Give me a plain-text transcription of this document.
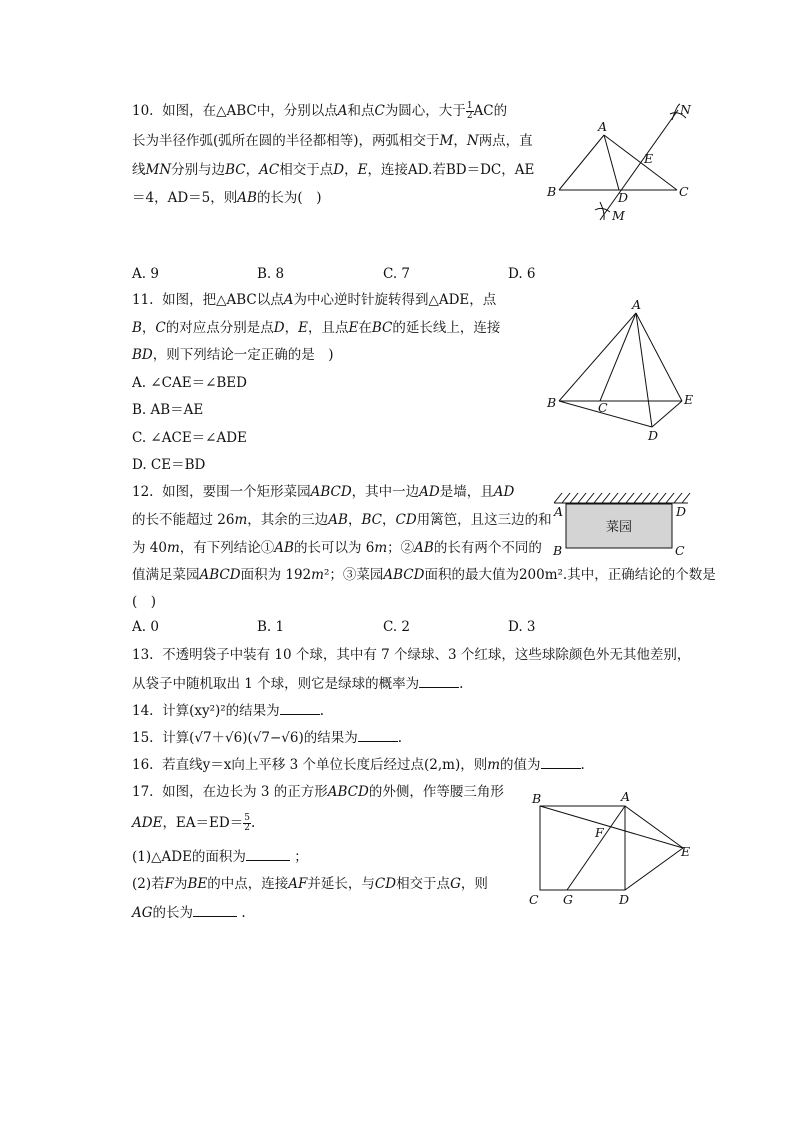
10. 如图，在△ABC中，分别以点A和点C为圆心，大于 $\frac{1}{2}$ AC的
长为半径作弧(弧所在圆的半径都相等)，两弧相交于M，N两点，直
线MN分别与边BC，AC相交于点D，E，连接AD.若BD＝DC，AE
＝4，AD＝5，则AB的长为(　)
A. 9	B. 8	C. 7	D. 6
A
B	C
D
E
M
N
11. 如图，把△ABC以点A为中心逆时针旋转得到△ADE，点
B，C的对应点分别是点D，E，且点E在BC的延长线上，连接
BD，则下列结论一定正确的是　)
A. ∠CAE＝∠BED
B. AB＝AE
C. ∠ACE＝∠ADE
D. CE＝BD
A
B	C
D
E
12. 如图，要围一个矩形菜园ABCD，其中一边AD是墙，且AD
的长不能超过 26m，其余的三边AB，BC，CD用篱笆，且这三边的和
为 40m，有下列结论①AB的长可以为 6m；②AB的长有两个不同的
值满足菜园ABCD面积为 192m²；③菜园ABCD面积的最大值为200m².其中，正确结论的个数是
(　)
A. 0	B. 1	C. 2	D. 3
菜园
A
B	C
D
13. 不透明袋子中装有 10 个球，其中有 7 个绿球、3 个红球，这些球除颜色外无其他差别，
从袋子中随机取出 1 个球，则它是绿球的概率为	.
14. 计算(xy²)²的结果为	.
15. 计算(√7＋√6)(√7−√6)的结果为	.
16. 若直线y＝x向上平移 3 个单位长度后经过点(2,m)，则m的值为	.
17. 如图，在边长为 3 的正方形ABCD的外侧，作等腰三角形
ADE，$EA=ED= \frac{5}{2}$ .
(1)△ADE的面积为	；
(2)若F为BE的中点，连接AF并延长，与CD相交于点G，则
AG的长为	.
A
B
C	D
E
F
G
